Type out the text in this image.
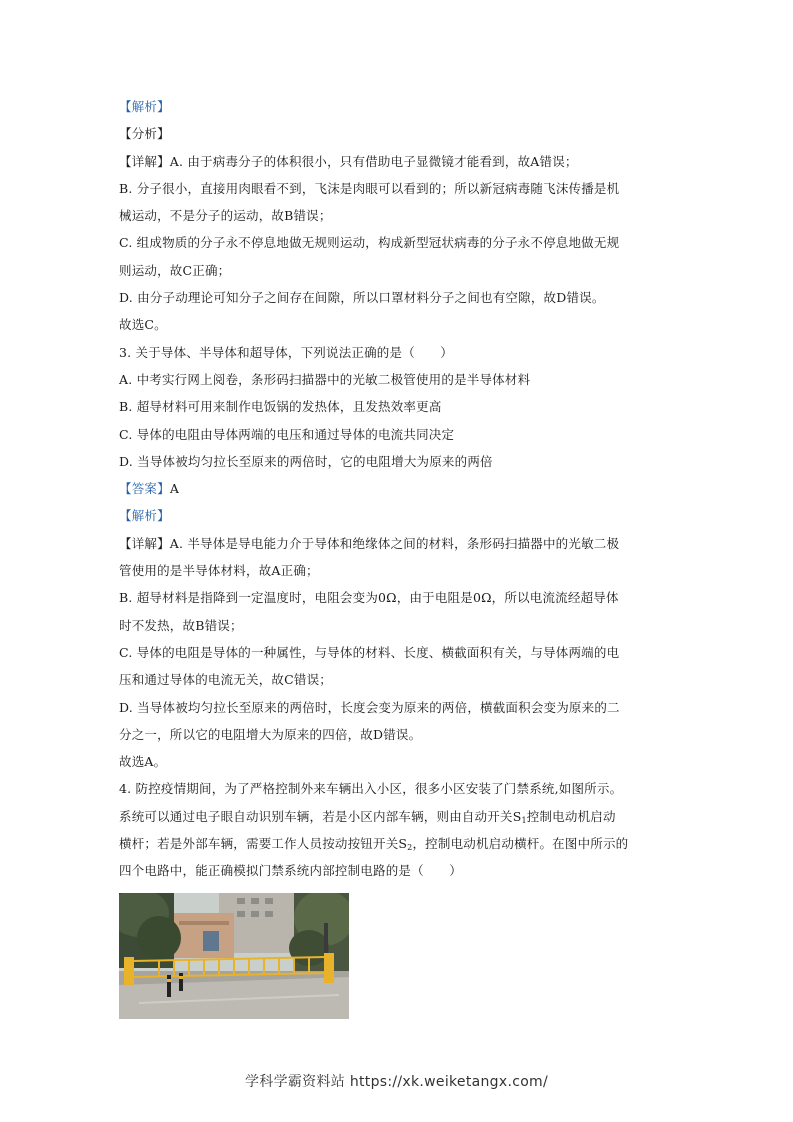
【解析】
【分析】
【详解】A. 由于病毒分子的体积很小，只有借助电子显微镜才能看到，故A错误；
B. 分子很小，直接用肉眼看不到，飞沫是肉眼可以看到的；所以新冠病毒随飞沫传播是机
械运动，不是分子的运动，故B错误；
C. 组成物质的分子永不停息地做无规则运动，构成新型冠状病毒的分子永不停息地做无规
则运动，故C正确；
D. 由分子动理论可知分子之间存在间隙，所以口罩材料分子之间也有空隙，故D错误。
故选C。
3. 关于导体、半导体和超导体，下列说法正确的是（　　）
A. 中考实行网上阅卷，条形码扫描器中的光敏二极管使用的是半导体材料
B. 超导材料可用来制作电饭锅的发热体，且发热效率更高
C. 导体的电阻由导体两端的电压和通过导体的电流共同决定
D. 当导体被均匀拉长至原来的两倍时，它的电阻增大为原来的两倍
【答案】A
【解析】
【详解】A. 半导体是导电能力介于导体和绝缘体之间的材料，条形码扫描器中的光敏二极
管使用的是半导体材料，故A正确；
B. 超导材料是指降到一定温度时，电阻会变为0Ω，由于电阻是0Ω，所以电流流经超导体
时不发热，故B错误；
C. 导体的电阻是导体的一种属性，与导体的材料、长度、横截面积有关，与导体两端的电
压和通过导体的电流无关，故C错误；
D. 当导体被均匀拉长至原来的两倍时，长度会变为原来的两倍，横截面积会变为原来的二
分之一，所以它的电阻增大为原来的四倍，故D错误。
故选A。
4. 防控疫情期间，为了严格控制外来车辆出入小区，很多小区安装了门禁系统,如图所示。
系统可以通过电子眼自动识别车辆，若是小区内部车辆，则由自动开关$S_1$控制电动机启动
横杆；若是外部车辆，需要工作人员按动按钮开关$S_2$，控制电动机启动横杆。在图中所示的
四个电路中，能正确模拟门禁系统内部控制电路的是（　　）
学科学霸资料站 https://xk.weiketangx.com/
